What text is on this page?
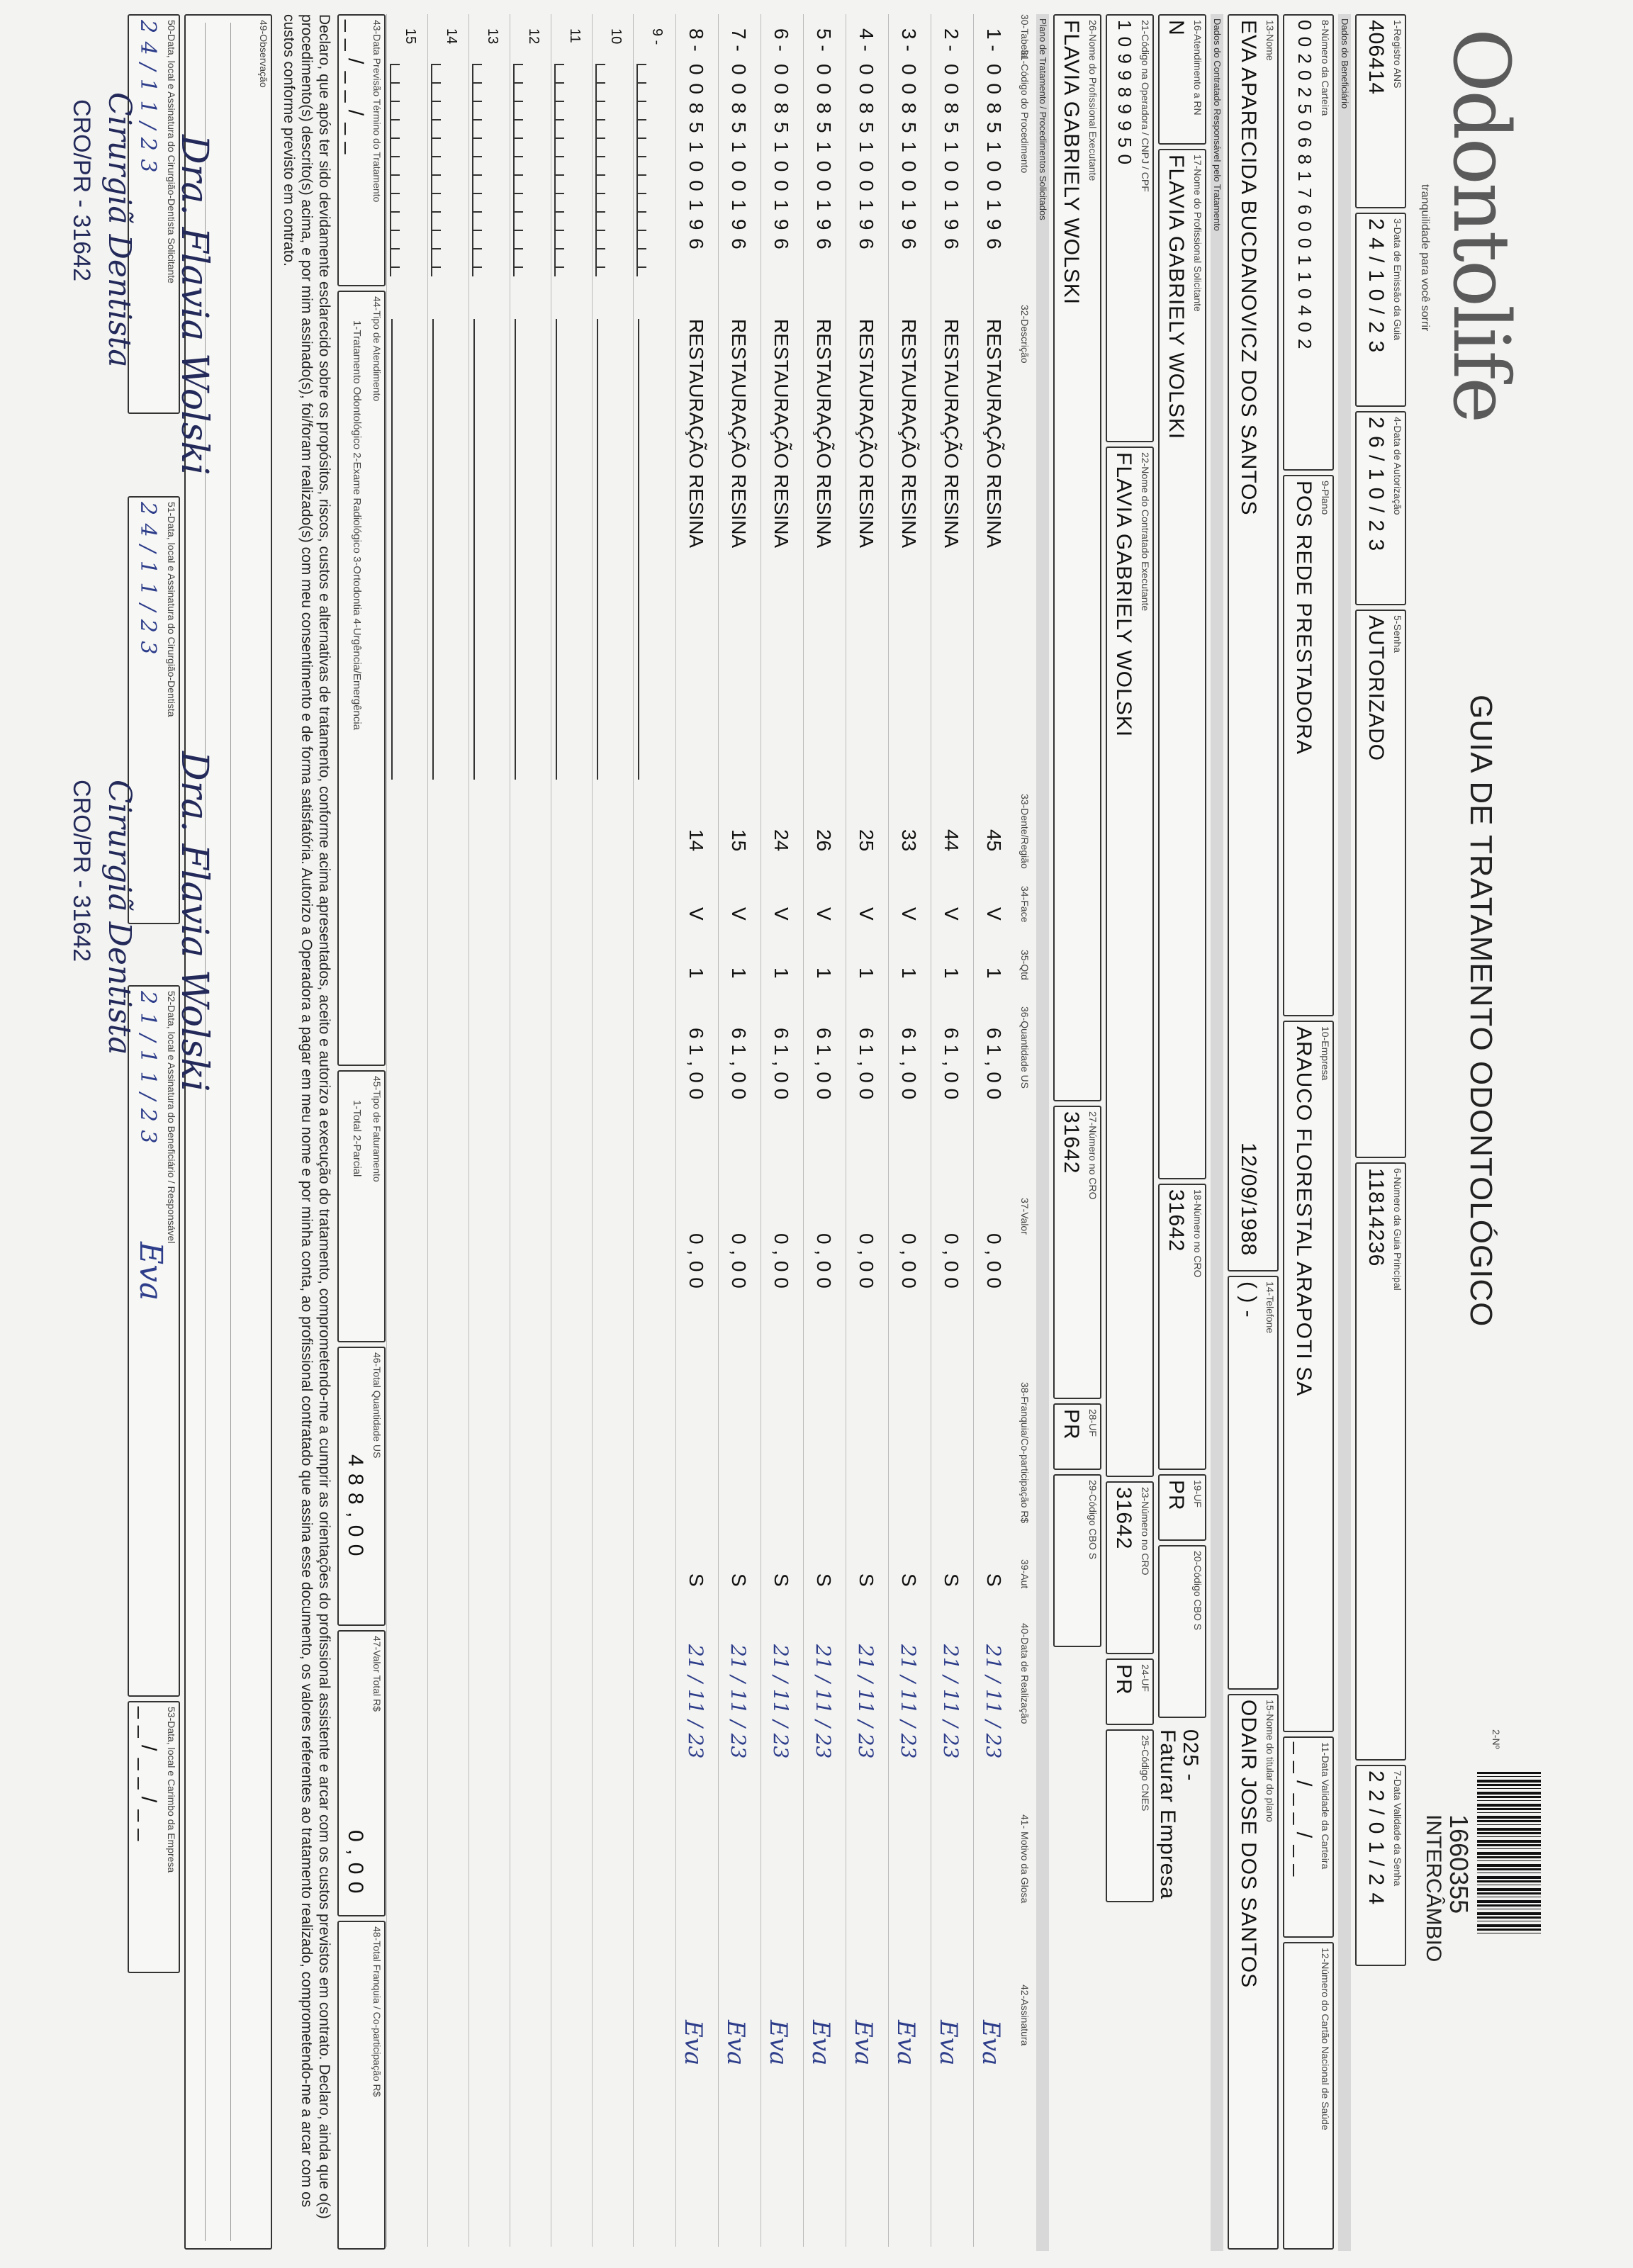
Odontolife
tranquilidade para você sorrir
GUIA DE TRATAMENTO ODONTOLÓGICO
2-Nº
1660355
INTERCÂMBIO
1-Registro ANS
406414
3-Data de Emissão da Guia
2 4 / 1 0 / 2 3
4-Data de Autorização
2 6 / 1 0 / 2 3
5-Senha
AUTORIZADO
6-Número da Guia Principal
11814236
7-Data Validade da Senha
2 2 / 0 1 / 2 4
Dados do Beneficiário
8-Número da Carteira
0 0 2 0 2 5 0 6 8 1 7 6 0 0 1 1 0 4 0 2
9-Plano
POS REDE PRESTADORA
10-Empresa
ARAUCO FLORESTAL ARAPOTI SA
11-Data Validade da Carteira
_ _ / _ _ / _ _
12-Número do Cartão Nacional de Saúde
13-Nome
EVA APARECIDA BUCDANOVICZ DOS SANTOS
12/09/1988
14-Telefone
( ) -
15-Nome do titular do plano
ODAIR JOSE DOS SANTOS
Dados do Contratado Responsável pelo Tratamento
16-Atendimento a RN
N
17-Nome do Profissional Solicitante
FLAVIA GABRIELY WOLSKI
18-Número no CRO
31642
19-UF
PR
20-Código CBO S
025 -
Faturar Empresa
21-Código na Operadora / CNPJ / CPF
1 0 9 9 8 9 9 5 0
22-Nome do Contratado Executante
FLAVIA GABRIELY WOLSKI
23-Número no CRO
31642
24-UF
PR
25-Código CNES
26-Nome do Profissional Executante
FLAVIA GABRIELY WOLSKI
27-Número no CRO
31642
28-UF
PR
29-Código CBO S
Plano de Tratamento / Procedimentos Solicitados
30-Tabela
31-Código do Procedimento
32-Descrição
33-Dente/Região
34-Face
35-Qtd
36-Quantidade US
37-Valor
38-Franquia/Co-participação R$
39-Aut
40-Data de Realização
41- Motivo da Glosa
42-Assinatura
1 -
0 0 8 5 1 0 0 1 9 6
RESTAURAÇÃO RESINA
45
V
1
6 1 , 0 0
0 , 0 0
S
21 / 11 / 23
Eva
2 -
0 0 8 5 1 0 0 1 9 6
RESTAURAÇÃO RESINA
44
V
1
6 1 , 0 0
0 , 0 0
S
21 / 11 / 23
Eva
3 -
0 0 8 5 1 0 0 1 9 6
RESTAURAÇÃO RESINA
33
V
1
6 1 , 0 0
0 , 0 0
S
21 / 11 / 23
Eva
4 -
0 0 8 5 1 0 0 1 9 6
RESTAURAÇÃO RESINA
25
V
1
6 1 , 0 0
0 , 0 0
S
21 / 11 / 23
Eva
5 -
0 0 8 5 1 0 0 1 9 6
RESTAURAÇÃO RESINA
26
V
1
6 1 , 0 0
0 , 0 0
S
21 / 11 / 23
Eva
6 -
0 0 8 5 1 0 0 1 9 6
RESTAURAÇÃO RESINA
24
V
1
6 1 , 0 0
0 , 0 0
S
21 / 11 / 23
Eva
7 -
0 0 8 5 1 0 0 1 9 6
RESTAURAÇÃO RESINA
15
V
1
6 1 , 0 0
0 , 0 0
S
21 / 11 / 23
Eva
8 -
0 0 8 5 1 0 0 1 9 6
RESTAURAÇÃO RESINA
14
V
1
6 1 , 0 0
0 , 0 0
S
21 / 11 / 23
Eva
9 -
10
11
12
13
14
15
43-Data Previsão Término do Tratamento
_ _ / _ _ / _ _
44-Tipo de Atendimento
1-Tratamento Odontológico 2-Exame Radiológico 3-Ortodontia 4-Urgência/Emergência
45-Tipo de Faturamento
1-Total 2-Parcial
46-Total Quantidade US
4 8 8 , 0 0
47-Valor Total R$
0 , 0 0
48-Total Franquia / Co-participação R$
Declaro, que após ter sido devidamente esclarecido sobre os propósitos, riscos, custos e alternativas de tratamento, conforme acima apresentados, aceito e autorizo a execução do tratamento, comprometendo-me a cumprir as orientações do profissional assistente e arcar com os custos previstos em contrato. Declaro, ainda que o(s) procedimento(s) descrito(s) acima, e por mim assinado(s), foi/foram realizado(s) com meu consentimento e de forma satisfatória. Autorizo a Operadora a pagar em meu nome e por minha conta, ao profissional contratado que assina esse documento, os valores referentes ao tratamento realizado, comprometendo-me a arcar com os custos conforme previsto em contrato.
49-Observação
50-Data, local e Assinatura do Cirurgião-Dentista Solicitante
2 4 / 1 1 / 2 3
51-Data, local e Assinatura do Cirurgião-Dentista
2 4 / 1 1 / 2 3
52-Data, local e Assinatura do Beneficiário / Responsável
2 1 / 1 1 / 2 3
Eva
53-Data, local e Carimbo da Empresa
_ _ / _ _ / _ _
Dra. Flavia Wolski
Cirurgiã Dentista
CRO/PR - 31642
Dra. Flavia Wolski
Cirurgiã Dentista
CRO/PR - 31642
